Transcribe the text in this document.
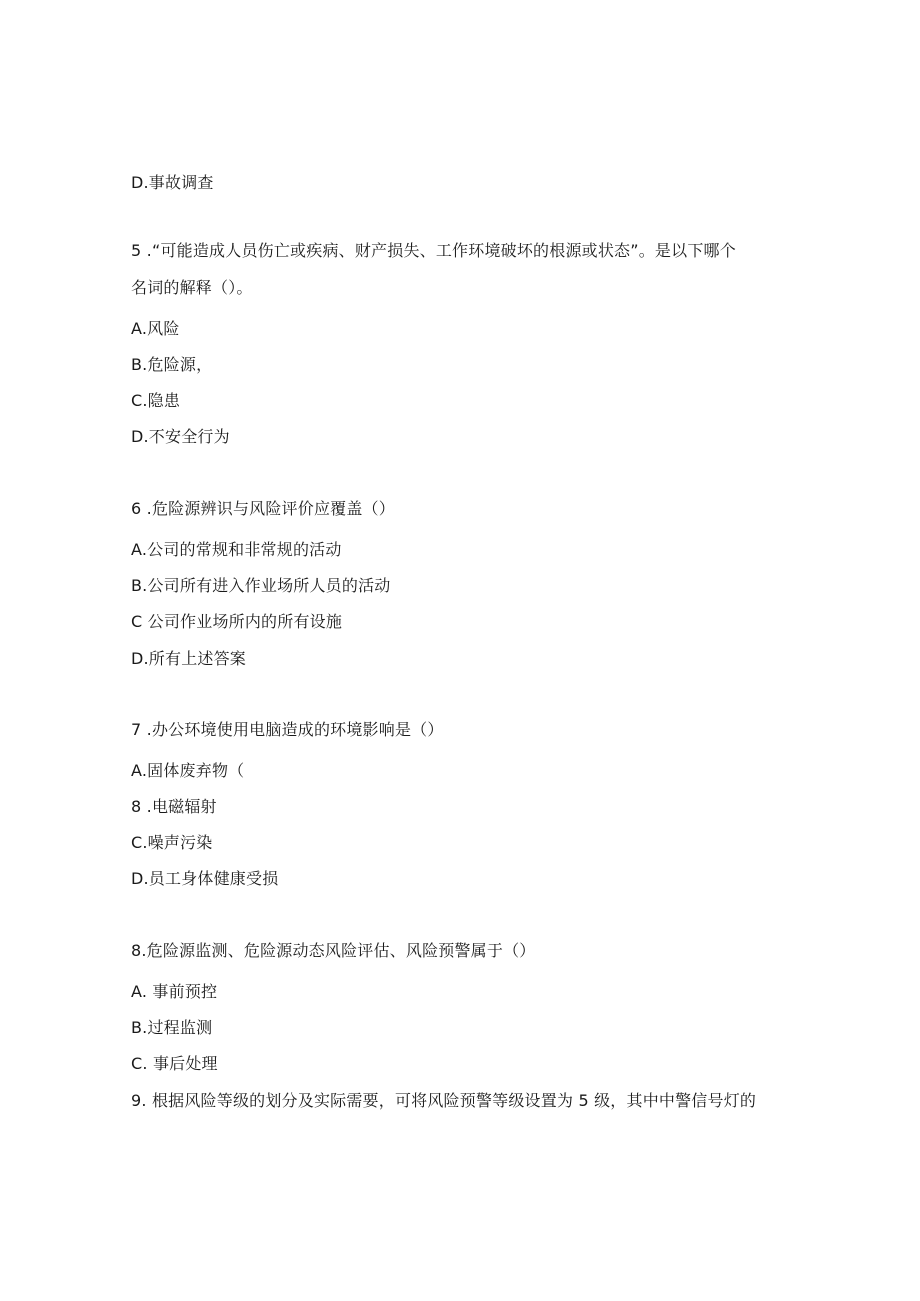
D.事故调查
5 .“可能造成人员伤亡或疾病、财产损失、工作环境破坏的根源或状态”。是以下哪个
名词的解释（）。
A.风险
B.危险源，
C.隐患
D.不安全行为
6 .危险源辨识与风险评价应覆盖（）
A.公司的常规和非常规的活动
B.公司所有进入作业场所人员的活动
C 公司作业场所内的所有设施
D.所有上述答案
7 .办公环境使用电脑造成的环境影响是（）
A.固体废弃物（
8 .电磁辐射
C.噪声污染
D.员工身体健康受损
8.危险源监测、危险源动态风险评估、风险预警属于（）
A. 事前预控
B.过程监测
C. 事后处理
9. 根据风险等级的划分及实际需要，可将风险预警等级设置为 5 级，其中中警信号灯的
